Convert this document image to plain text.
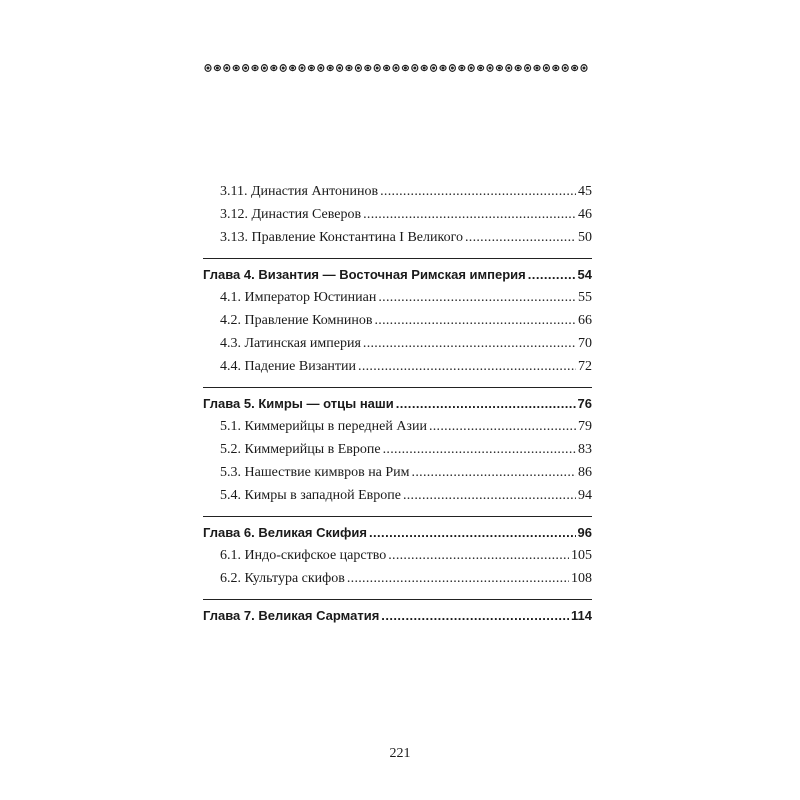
3.11. Династия Антонинов . . .	45
3.12. Династия Северов . . .	46
3.13. Правление Константина I Великого . . .	50
Глава 4. Византия — Восточная Римская империя . . .	54
4.1. Император Юстиниан . . .	55
4.2. Правление Комнинов . . .	66
4.3. Латинская империя . . .	70
4.4. Падение Византии . . .	72
Глава 5. Кимры — отцы наши . . .	76
5.1. Киммерийцы в передней Азии . . .	79
5.2. Киммерийцы в Европе . . .	83
5.3. Нашествие кимвров на Рим . . .	86
5.4. Кимры в западной Европе . . .	94
Глава 6. Великая Скифия . . .	96
6.1. Индо-скифское царство . . .	105
6.2. Культура скифов . . .	108
Глава 7. Великая Сарматия . . .	114
221
